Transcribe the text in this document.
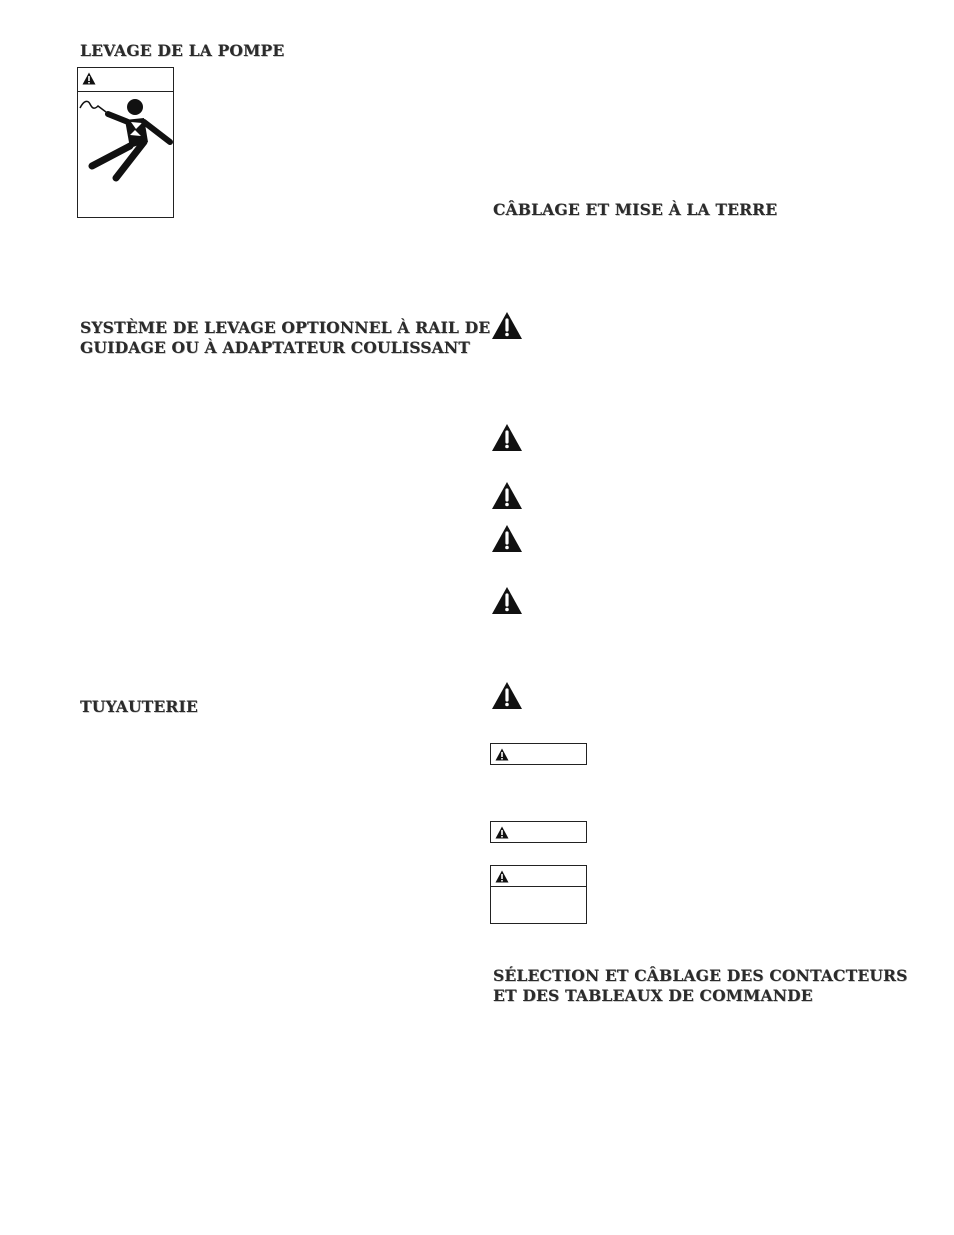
LEVAGE DE LA POMPE
SYSTÈME DE LEVAGE OPTIONNEL À RAIL DE
GUIDAGE OU À ADAPTATEUR COULISSANT
TUYAUTERIE
CÂBLAGE ET MISE À LA TERRE
SÉLECTION ET CÂBLAGE DES CONTACTEURS
ET DES TABLEAUX DE COMMANDE
